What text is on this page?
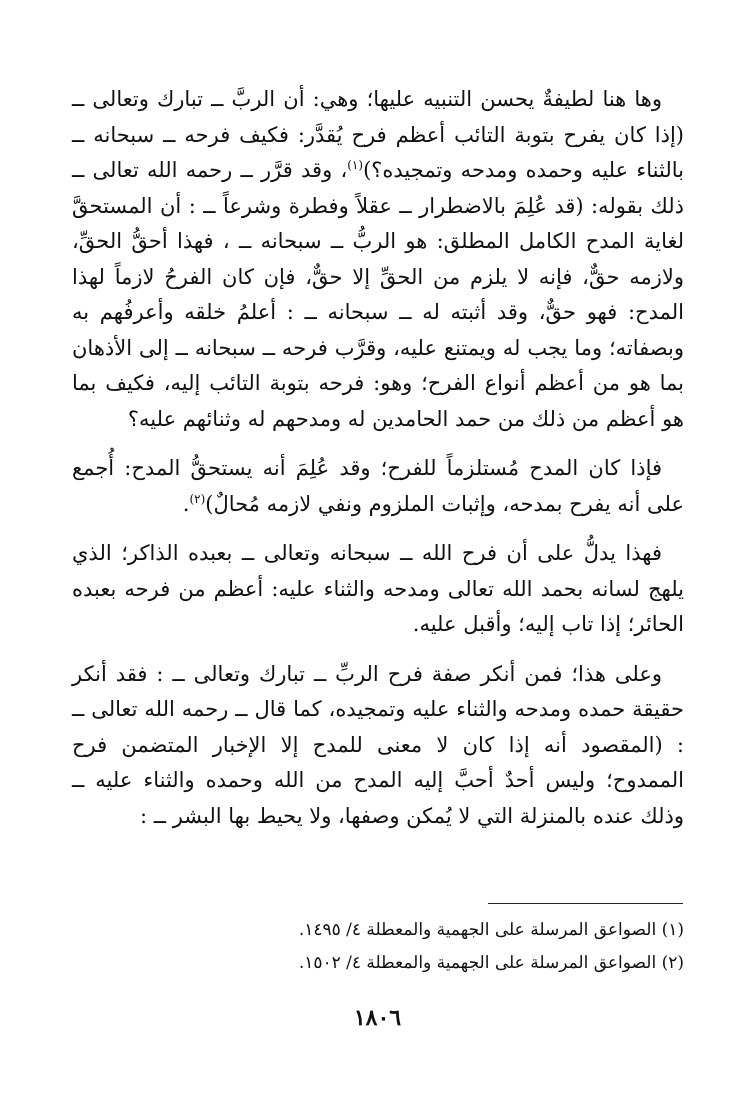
وها هنا لطيفةٌ يحسن التنبيه عليها؛ وهي: أن الربَّ ــ تبارك وتعالى ــ (إذا كان يفرح بتوبة التائب أعظم فرح يُقدَّر: فكيف فرحه ــ سبحانه ــ بالثناء عليه وحمده ومدحه وتمجيده؟)$^{(١)}$، وقد قرَّر ــ رحمه الله تعالى ــ ذلك بقوله: (قد عُلِمَ بالاضطرار ــ عقلاً وفطرة وشرعاً ــ : أن المستحقَّ لغاية المدح الكامل المطلق: هو الربُّ ــ سبحانه ــ ، فهذا أحقُّ الحقِّ، ولازمه حقٌّ، فإنه لا يلزم من الحقِّ إلا حقٌّ، فإن كان الفرحُ لازماً لهذا المدح: فهو حقٌّ، وقد أثبته له ــ سبحانه ــ : أعلمُ خلقه وأعرفُهم به وبصفاته؛ وما يجب له ويمتنع عليه، وقرَّب فرحه ــ سبحانه ــ إلى الأذهان بما هو من أعظم أنواع الفرح؛ وهو: فرحه بتوبة التائب إليه، فكيف بما هو أعظم من ذلك من حمد الحامدين له ومدحهم له وثنائهم عليه؟

فإذا كان المدح مُستلزماً للفرح؛ وقد عُلِمَ أنه يستحقُّ المدح: أُجمع على أنه يفرح بمدحه، وإثبات الملزوم ونفي لازمه مُحالٌ)$^{(٢)}$.

فهذا يدلُّ على أن فرح الله ــ سبحانه وتعالى ــ بعبده الذاكر؛ الذي يلهج لسانه بحمد الله تعالى ومدحه والثناء عليه: أعظم من فرحه بعبده الحائر؛ إذا تاب إليه؛ وأقبل عليه.

وعلى هذا؛ فمن أنكر صفة فرح الربِّ ــ تبارك وتعالى ــ : فقد أنكر حقيقة حمده ومدحه والثناء عليه وتمجيده، كما قال ــ رحمه الله تعالى ــ : (المقصود أنه إذا كان لا معنى للمدح إلا الإخبار المتضمن فرح الممدوح؛ وليس أحدٌ أحبَّ إليه المدح من الله وحمده والثناء عليه ــ وذلك عنده بالمنزلة التي لا يُمكن وصفها، ولا يحيط بها البشر ــ :

(١) الصواعق المرسلة على الجهمية والمعطلة ٤/ ١٤٩٥.

(٢) الصواعق المرسلة على الجهمية والمعطلة ٤/ ١٥٠٢.

١٨٠٦
